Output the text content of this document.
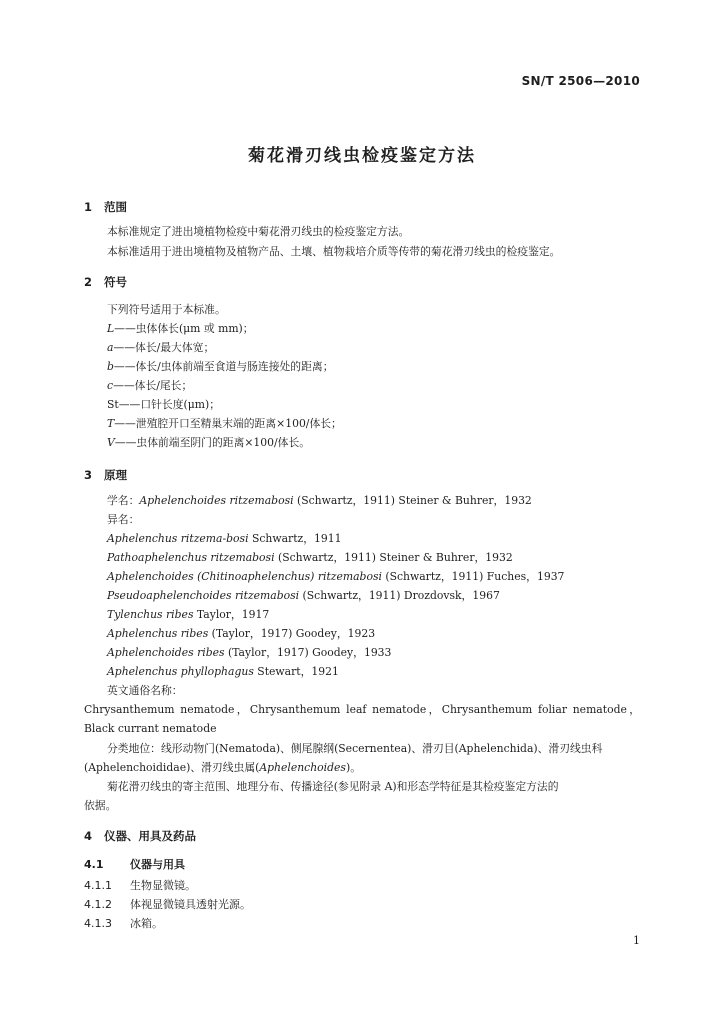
SN/T 2506—2010
菊花滑刃线虫检疫鉴定方法
1 范围
本标准规定了进出境植物检疫中菊花滑刃线虫的检疫鉴定方法。
本标准适用于进出境植物及植物产品、土壤、植物栽培介质等传带的菊花滑刃线虫的检疫鉴定。
2 符号
下列符号适用于本标准。
L——虫体体长(μm 或 mm)；
a——体长/最大体宽；
b——体长/虫体前端至食道与肠连接处的距离；
c——体长/尾长；
St——口针长度(μm)；
T——泄殖腔开口至精巢末端的距离×100/体长；
V——虫体前端至阴门的距离×100/体长。
3 原理
学名：Aphelenchoides ritzemabosi (Schwartz，1911) Steiner & Buhrer，1932
异名：
Aphelenchus ritzema-bosi Schwartz，1911
Pathoaphelenchus ritzemabosi (Schwartz，1911) Steiner & Buhrer，1932
Aphelenchoides (Chitinoaphelenchus) ritzemabosi (Schwartz，1911) Fuches，1937
Pseudoaphelenchoides ritzemabosi (Schwartz，1911) Drozdovsk，1967
Tylenchus ribes Taylor，1917
Aphelenchus ribes (Taylor，1917) Goodey，1923
Aphelenchoides ribes (Taylor，1917) Goodey，1933
Aphelenchus phyllophagus Stewart，1921
英文通俗名称：
Chrysanthemum nematode，Chrysanthemum leaf nematode，Chrysanthemum foliar nematode，
Black currant nematode
分类地位：线形动物门(Nematoda)、侧尾腺纲(Secernentea)、滑刃目(Aphelenchida)、滑刃线虫科
(Aphelenchoididae)、滑刃线虫属(Aphelenchoides)。
菊花滑刃线虫的寄主范围、地理分布、传播途径(参见附录 A)和形态学特征是其检疫鉴定方法的
依据。
4 仪器、用具及药品
4.1 仪器与用具
4.1.1 生物显微镜。
4.1.2 体视显微镜具透射光源。
4.1.3 冰箱。
1
